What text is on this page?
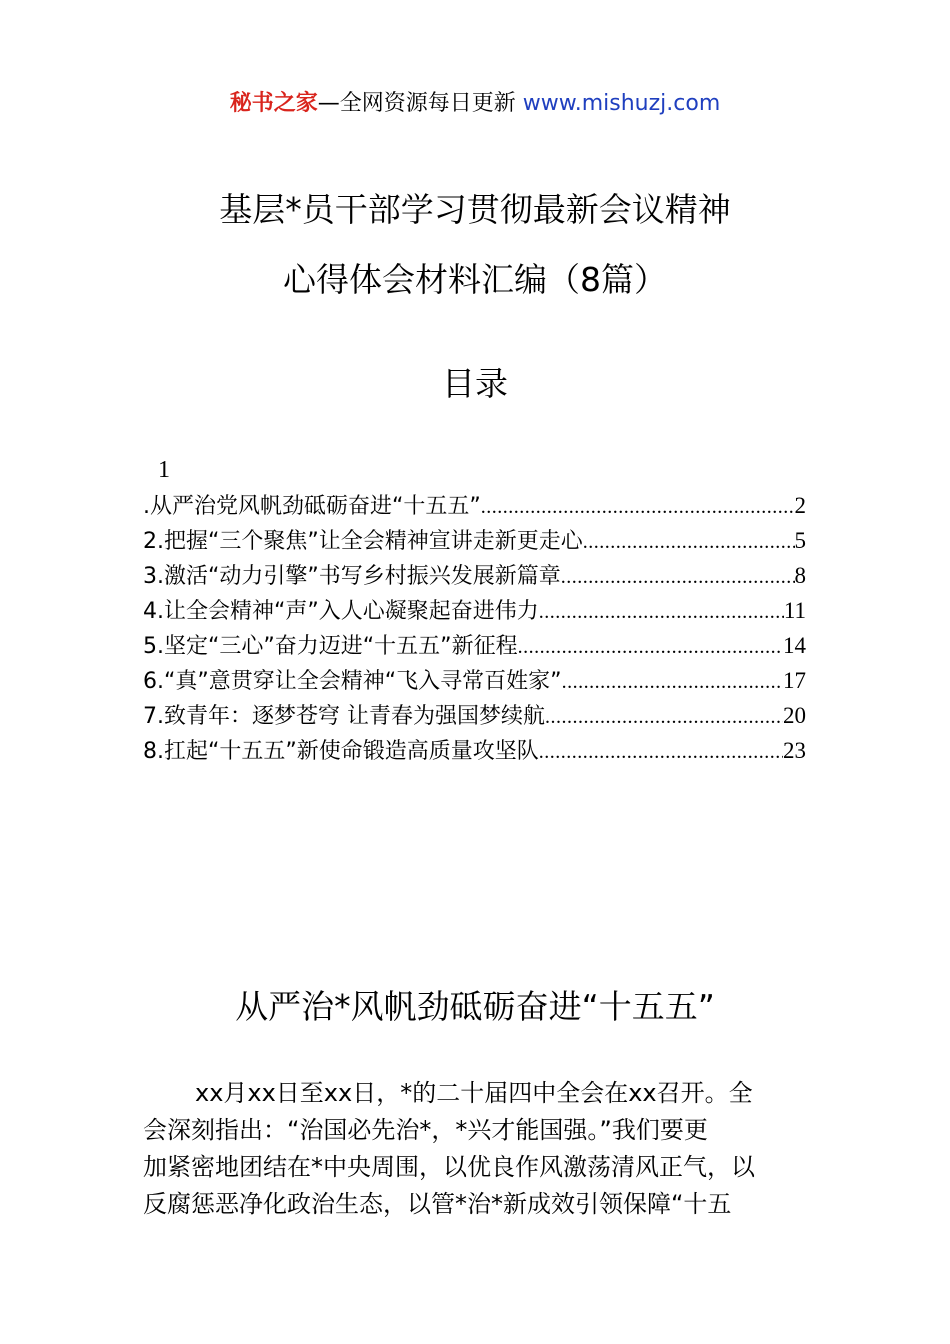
秘书之家—全网资源每日更新 www.mishuzj.com
基层*员干部学习贯彻最新会议精神
心得体会材料汇编（8篇）
目录
1
.从严治党风帆劲砥砺奋进“十五五” .....	2
2.把握“三个聚焦”让全会精神宣讲走新更走心 .....	5
3.激活“动力引擎”书写乡村振兴发展新篇章 .....	8
4.让全会精神“声”入人心凝聚起奋进伟力 .....	11
5.坚定“三心”奋力迈进“十五五”新征程 .....	14
6.“真”意贯穿让全会精神“飞入寻常百姓家” .....	17
7.致青年：逐梦苍穹 让青春为强国梦续航 .....	20
8.扛起“十五五”新使命锻造高质量攻坚队 .....	23
从严治*风帆劲砥砺奋进“十五五”
xx月xx日至xx日，*的二十届四中全会在xx召开。全
会深刻指出：“治国必先治*，*兴才能国强。”我们要更
加紧密地团结在*中央周围，以优良作风激荡清风正气，以
反腐惩恶净化政治生态，以管*治*新成效引领保障“十五
